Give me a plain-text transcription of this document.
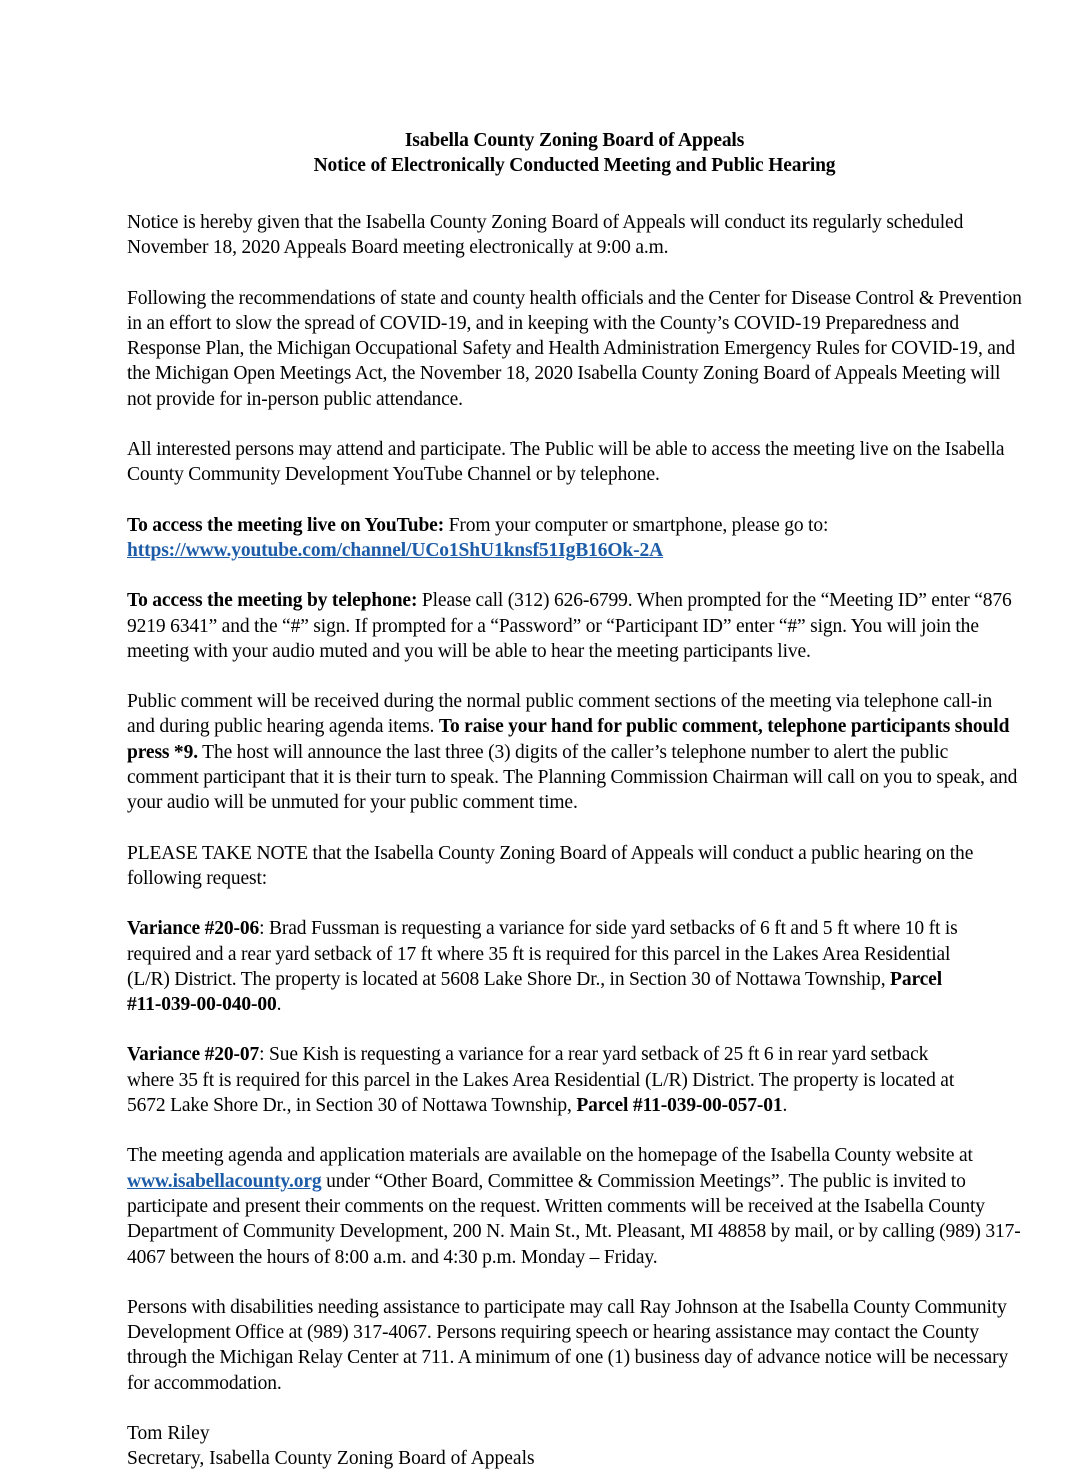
Isabella County Zoning Board of Appeals
Notice of Electronically Conducted Meeting and Public Hearing

Notice is hereby given that the Isabella County Zoning Board of Appeals will conduct its regularly scheduled November 18, 2020 Appeals Board meeting electronically at 9:00 a.m.

Following the recommendations of state and county health officials and the Center for Disease Control & Prevention in an effort to slow the spread of COVID-19, and in keeping with the County’s COVID-19 Preparedness and Response Plan, the Michigan Occupational Safety and Health Administration Emergency Rules for COVID-19, and the Michigan Open Meetings Act, the November 18, 2020 Isabella County Zoning Board of Appeals Meeting will not provide for in-person public attendance.

All interested persons may attend and participate. The Public will be able to access the meeting live on the Isabella County Community Development YouTube Channel or by telephone.

To access the meeting live on YouTube: From your computer or smartphone, please go to:
https://www.youtube.com/channel/UCo1ShU1knsf51IgB16Ok-2A

To access the meeting by telephone: Please call (312) 626-6799. When prompted for the “Meeting ID” enter “876 9219 6341” and the “#” sign. If prompted for a “Password” or “Participant ID” enter “#” sign. You will join the meeting with your audio muted and you will be able to hear the meeting participants live.

Public comment will be received during the normal public comment sections of the meeting via telephone call-in and during public hearing agenda items. To raise your hand for public comment, telephone participants should press *9. The host will announce the last three (3) digits of the caller’s telephone number to alert the public comment participant that it is their turn to speak. The Planning Commission Chairman will call on you to speak, and your audio will be unmuted for your public comment time.

PLEASE TAKE NOTE that the Isabella County Zoning Board of Appeals will conduct a public hearing on the following request:

Variance #20-06: Brad Fussman is requesting a variance for side yard setbacks of 6 ft and 5 ft where 10 ft is required and a rear yard setback of 17 ft where 35 ft is required for this parcel in the Lakes Area Residential (L/R) District. The property is located at 5608 Lake Shore Dr., in Section 30 of Nottawa Township, Parcel #11-039-00-040-00.

Variance #20-07: Sue Kish is requesting a variance for a rear yard setback of 25 ft 6 in rear yard setback where 35 ft is required for this parcel in the Lakes Area Residential (L/R) District. The property is located at 5672 Lake Shore Dr., in Section 30 of Nottawa Township, Parcel #11-039-00-057-01.

The meeting agenda and application materials are available on the homepage of the Isabella County website at www.isabellacounty.org under “Other Board, Committee & Commission Meetings”. The public is invited to participate and present their comments on the request. Written comments will be received at the Isabella County Department of Community Development, 200 N. Main St., Mt. Pleasant, MI 48858 by mail, or by calling (989) 317-4067 between the hours of 8:00 a.m. and 4:30 p.m. Monday – Friday.

Persons with disabilities needing assistance to participate may call Ray Johnson at the Isabella County Community Development Office at (989) 317-4067. Persons requiring speech or hearing assistance may contact the County through the Michigan Relay Center at 711. A minimum of one (1) business day of advance notice will be necessary for accommodation.

Tom Riley
Secretary, Isabella County Zoning Board of Appeals
